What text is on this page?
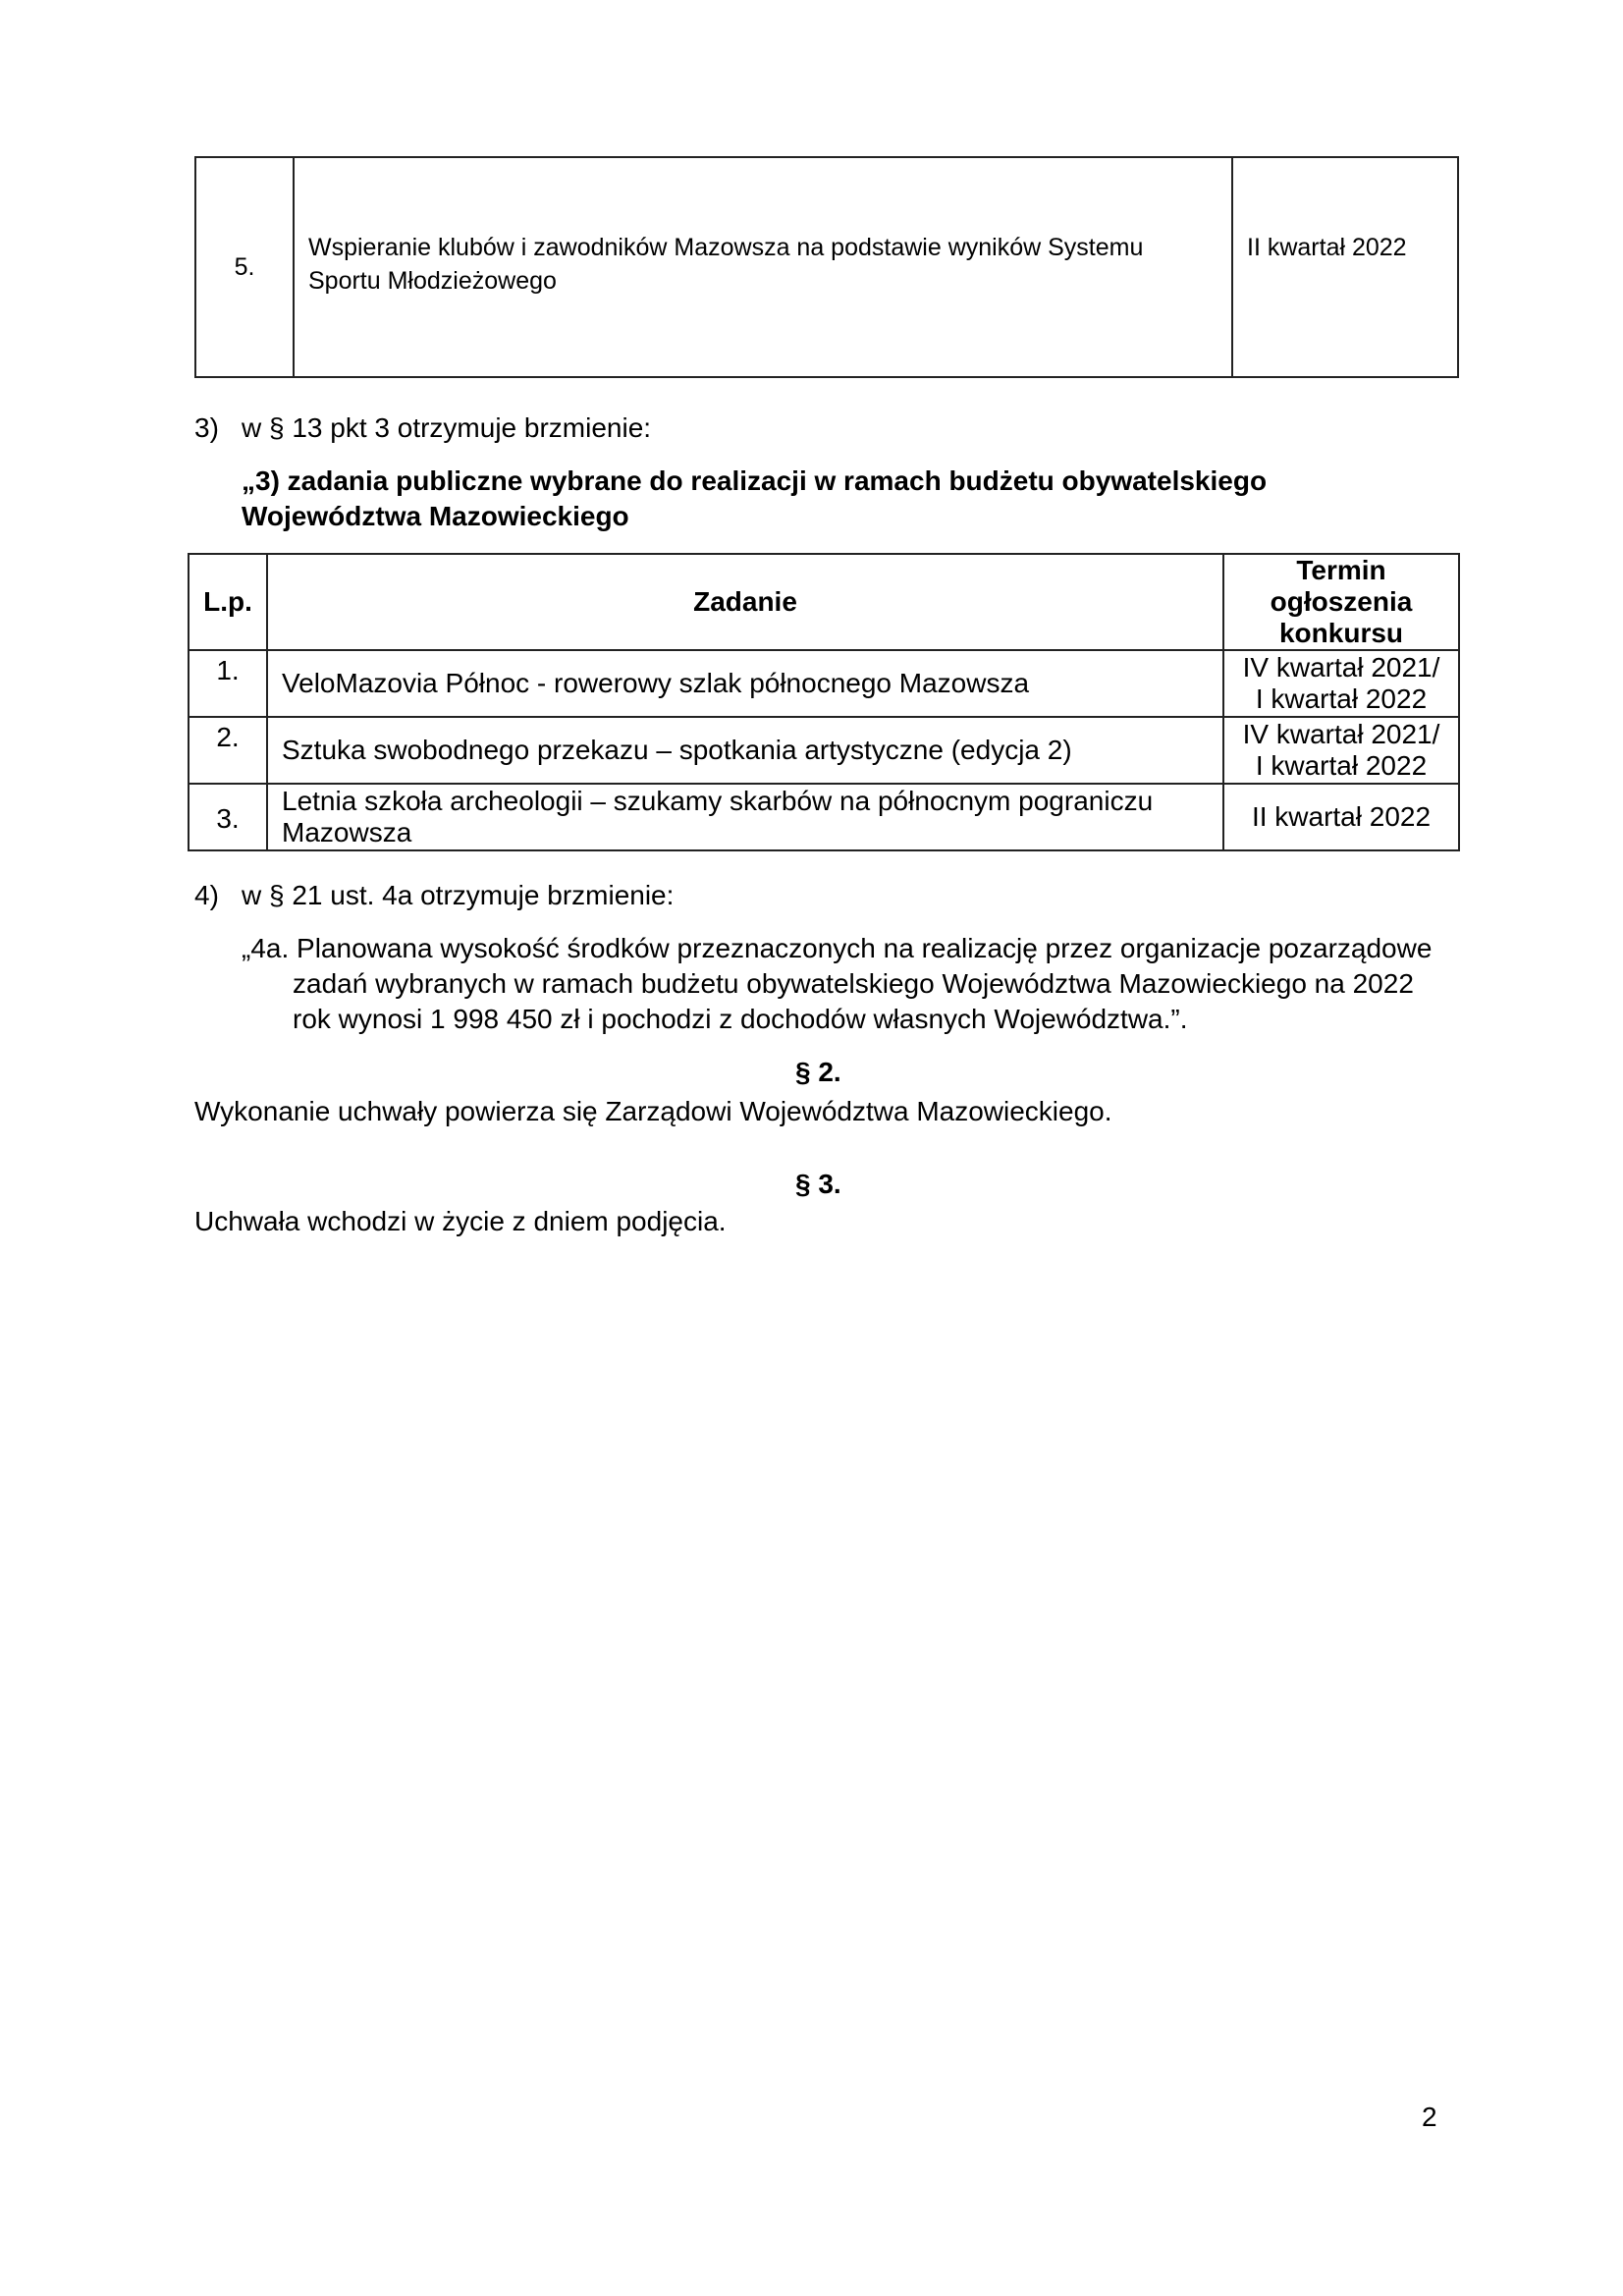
5.	Wspieranie klubów i zawodników Mazowsza na podstawie wyników Systemu Sportu Młodzieżowego	II kwartał 2022
3) w § 13 pkt 3 otrzymuje brzmienie:
„3) zadania publiczne wybrane do realizacji w ramach budżetu obywatelskiego
Województwa Mazowieckiego
L.p.	Zadanie	Termin ogłoszenia konkursu
1.	VeloMazovia Północ - rowerowy szlak północnego Mazowsza	IV kwartał 2021/ I kwartał 2022
2.	Sztuka swobodnego przekazu – spotkania artystyczne (edycja 2)	IV kwartał 2021/ I kwartał 2022
3.	Letnia szkoła archeologii – szukamy skarbów na północnym pograniczu Mazowsza	II kwartał 2022
4) w § 21 ust. 4a otrzymuje brzmienie:
„4a. Planowana wysokość środków przeznaczonych na realizację przez organizacje pozarządowe
zadań wybranych w ramach budżetu obywatelskiego Województwa Mazowieckiego na 2022
rok wynosi 1 998 450 zł i pochodzi z dochodów własnych Województwa.”.
§ 2.
Wykonanie uchwały powierza się Zarządowi Województwa Mazowieckiego.
§ 3.
Uchwała wchodzi w życie z dniem podjęcia.
2
